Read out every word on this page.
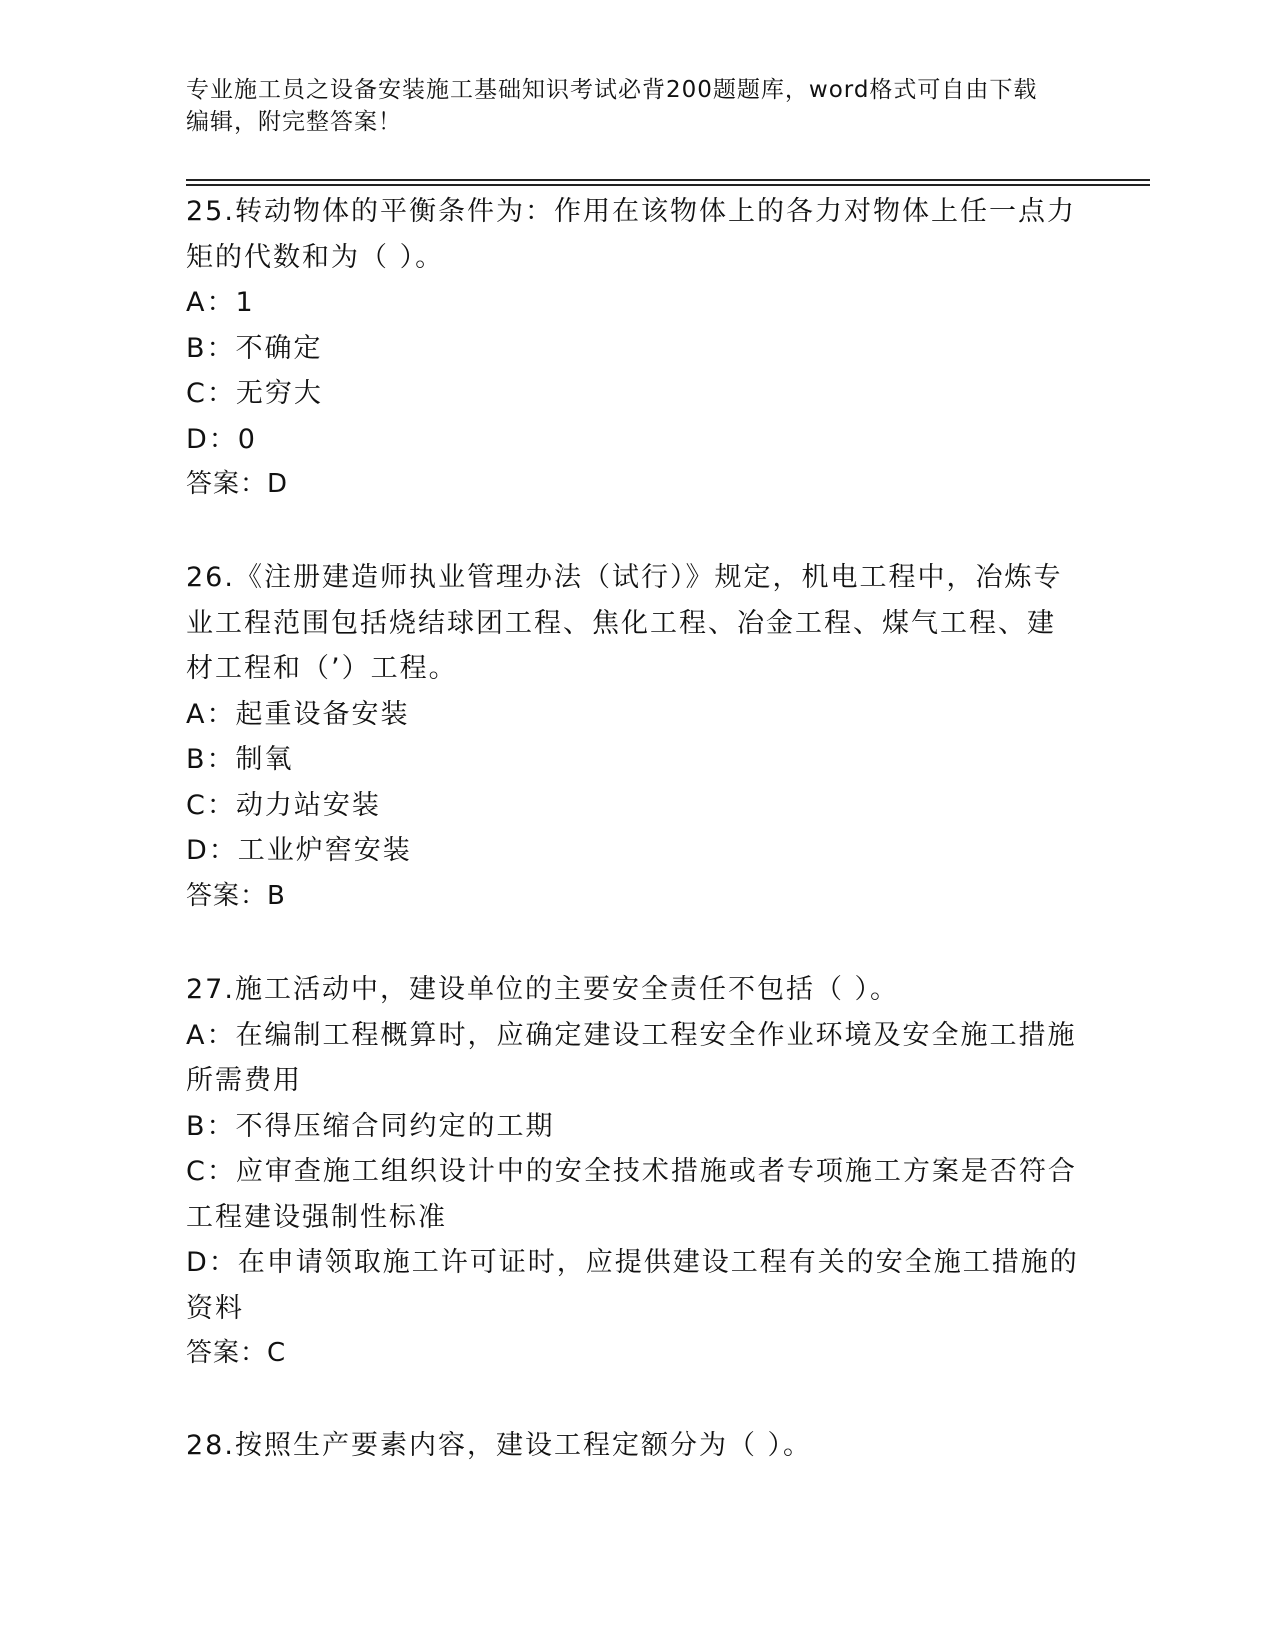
专业施工员之设备安装施工基础知识考试必背200题题库，word格式可自由下载
编辑，附完整答案！
25.转动物体的平衡条件为：作用在该物体上的各力对物体上任一点力
矩的代数和为（ ）。
A：1
B：不确定
C：无穷大
D：0
答案：D
26.《注册建造师执业管理办法（试行）》规定，机电工程中，冶炼专
业工程范围包括烧结球团工程、焦化工程、冶金工程、煤气工程、建
材工程和（’）工程。
A：起重设备安装
B：制氧
C：动力站安装
D：工业炉窖安装
答案：B
27.施工活动中，建设单位的主要安全责任不包括（ ）。
A：在编制工程概算时，应确定建设工程安全作业环境及安全施工措施
所需费用
B：不得压缩合同约定的工期
C：应审查施工组织设计中的安全技术措施或者专项施工方案是否符合
工程建设强制性标准
D：在申请领取施工许可证时，应提供建设工程有关的安全施工措施的
资料
答案：C
28.按照生产要素内容，建设工程定额分为（ ）。
